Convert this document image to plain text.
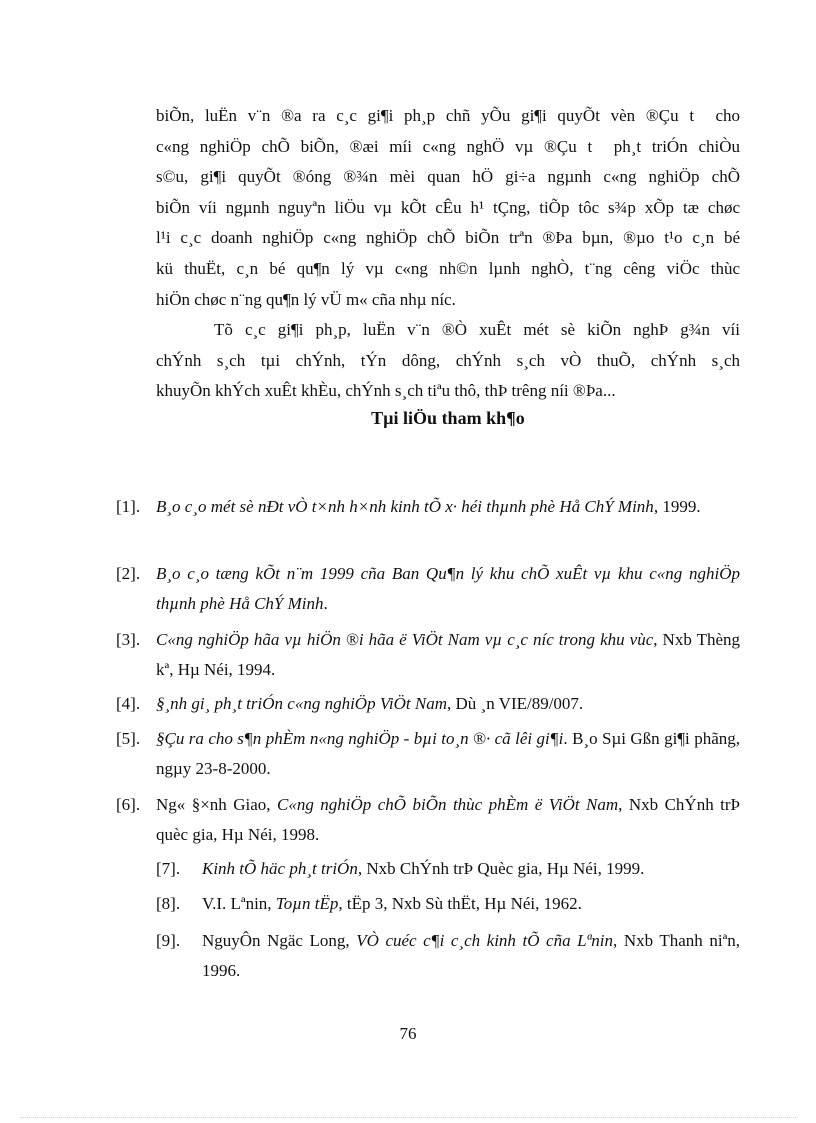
biÕn, luËn v¨n ®a ra c¸c gi¶i ph¸p chñ yÕu gi¶i quyÕt vèn ®Çu t  cho
c«ng nghiÖp chÕ biÕn, ®æi míi c«ng nghÖ vµ ®Çu t  ph¸t triÓn chiÒu
s©u, gi¶i quyÕt ®óng ®¾n mèi quan hÖ gi÷a ngµnh c«ng nghiÖp chÕ
biÕn víi ngµnh nguyªn liÖu vµ kÕt cÊu h¹ tÇng, tiÕp tôc s¾p xÕp tæ chøc
l¹i c¸c doanh nghiÖp c«ng nghiÖp chÕ biÕn trªn ®Þa bµn, ®µo t¹o c¸n bé
kü thuËt, c¸n bé qu¶n lý vµ c«ng nh©n lµnh nghÒ, t¨ng cêng viÖc thùc
hiÖn chøc n¨ng qu¶n lý vÜ m« cña nhµ níc.
Tõ c¸c gi¶i ph¸p, luËn v¨n ®Ò xuÊt mét sè kiÕn nghÞ g¾n víi
chÝnh s¸ch tµi chÝnh, tÝn dông, chÝnh s¸ch vÒ thuÕ, chÝnh s¸ch
khuyÕn khÝch xuÊt khÈu, chÝnh s¸ch tiªu thô, thÞ trêng níi ®Þa...
Tµi liÖu tham kh¶o
[1]. B¸o c¸o mét sè nÐt vÒ t×nh h×nh kinh tÕ x· héi thµnh phè Hå ChÝ Minh, 1999.
[2]. B¸o c¸o tæng kÕt n¨m 1999 cña Ban Qu¶n lý khu chÕ xuÊt vµ khu c«ng nghiÖp thµnh phè Hå ChÝ Minh.
[3]. C«ng nghiÖp hãa vµ hiÖn ®i hãa ë ViÖt Nam vµ c¸c níc trong khu vùc, Nxb Thèng kª, Hµ Néi, 1994.
[4]. §¸nh gi¸ ph¸t triÓn c«ng nghiÖp ViÖt Nam, Dù ¸n VIE/89/007.
[5]. §Çu ra cho s¶n phÈm n«ng nghiÖp - bµi to¸n ®· cã lêi gi¶i. B¸o Sµi Gßn gi¶i phãng, ngµy 23-8-2000.
[6]. Ng« §×nh Giao, C«ng nghiÖp chÕ biÕn thùc phÈm ë ViÖt Nam, Nxb ChÝnh trÞ quèc gia, Hµ Néi, 1998.
[7]. Kinh tÕ häc ph¸t triÓn, Nxb ChÝnh trÞ Quèc gia, Hµ Néi, 1999.
[8]. V.I. Lªnin, Toµn tËp, tËp 3, Nxb Sù thËt, Hµ Néi, 1962.
[9]. NguyÔn Ngäc Long, VÒ cuéc c¶i c¸ch kinh tÕ cña Lªnin, Nxb Thanh niªn, 1996.
76
